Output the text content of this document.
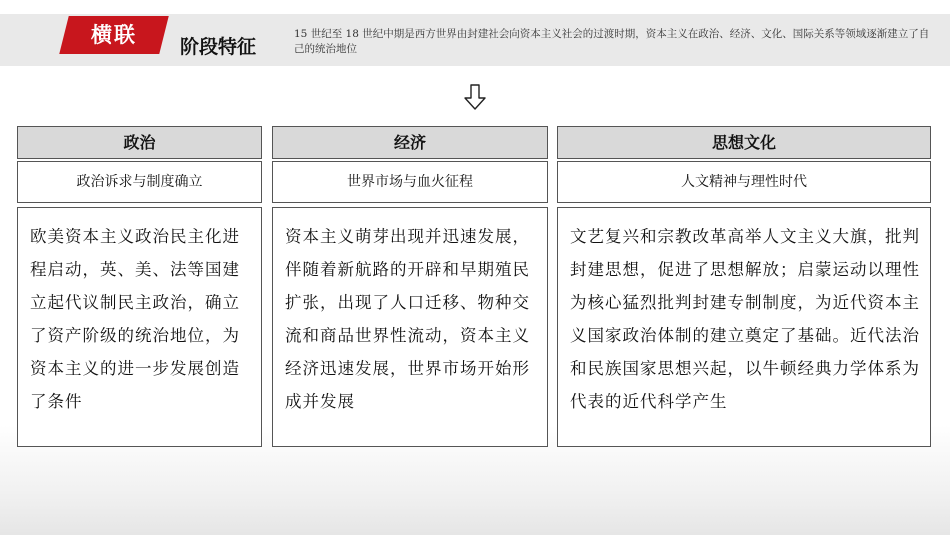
横联	阶段特征
15 世纪至 18 世纪中期是西方世界由封建社会向资本主义社会的过渡时期，资本主义在政治、经济、文化、国际关系等领域逐渐建立了自己的统治地位
政治
政治诉求与制度确立

欧美资本主义政治民主化进程启动，英、美、法等国建立起代议制民主政治，确立了资产阶级的统治地位，为资本主义的进一步发展创造了条件

经济
世界市场与血火征程

资本主义萌芽出现并迅速发展，伴随着新航路的开辟和早期殖民扩张，出现了人口迁移、物种交流和商品世界性流动，资本主义经济迅速发展，世界市场开始形成并发展

思想文化
人文精神与理性时代

文艺复兴和宗教改革高举人文主义大旗，批判封建思想，促进了思想解放；启蒙运动以理性为核心猛烈批判封建专制制度，为近代资本主义国家政治体制的建立奠定了基础。近代法治和民族国家思想兴起，以牛顿经典力学体系为代表的近代科学产生
